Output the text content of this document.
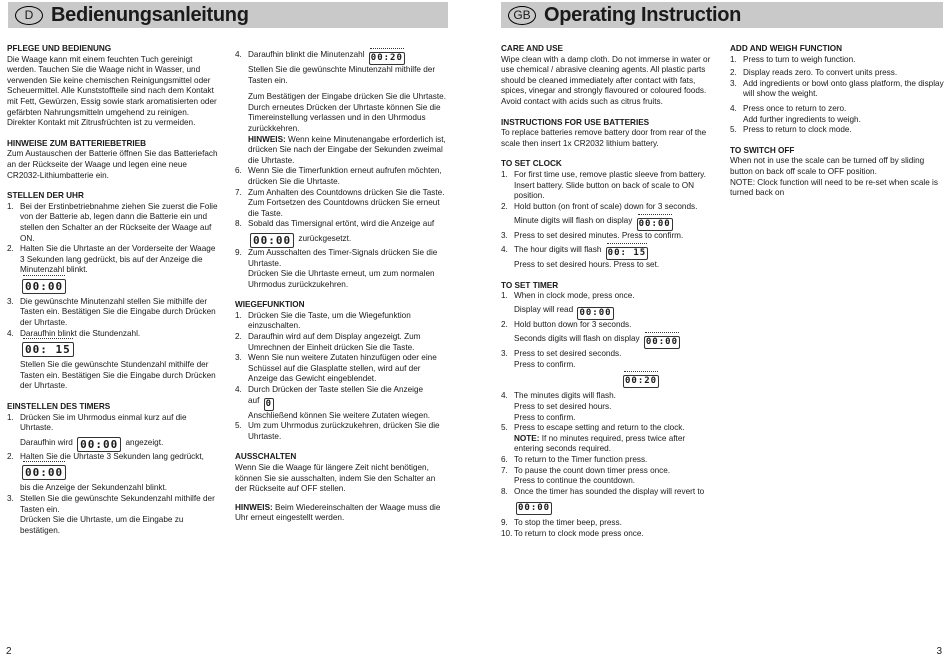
D Bedienungsanleitung	GB Operating Instruction

PFLEGE UND BEDIENUNG

Die Waage kann mit einem feuchten Tuch gereinigt werden. Tauchen Sie die Waage nicht in Wasser, und verwenden Sie keine chemischen Reinigungsmittel oder Scheuermittel. Alle Kunststoffteile sind nach dem Kontakt mit Fett, Gewürzen, Essig sowie stark aromatisierten oder gefärbten Nahrungsmitteln umgehend zu reinigen. Direkter Kontakt mit Zitrusfrüchten ist zu vermeiden.

HINWEISE ZUM BATTERIEBETRIEB

Zum Austauschen der Batterie öffnen Sie das Batteriefach an der Rückseite der Waage und legen eine neue CR2032-Lithiumbatterie ein.

STELLEN DER UHR

1. Bei der Erstinbetriebnahme ziehen Sie zuerst die Folie von der Batterie ab, legen dann die Batterie ein und stellen den Schalter an der Rückseite der Waage auf ON.
2. Halten Sie die Uhrtaste an der Vorderseite der Waage 3 Sekunden lang gedrückt, bis auf der Anzeige die Minutenzahl blinkt.
00:00
3. Die gewünschte Minutenzahl stellen Sie mithilfe der Tasten ein. Bestätigen Sie die Eingabe durch Drücken der Uhrtaste.
4. Daraufhin blinkt die Stundenzahl.
00: 15
Stellen Sie die gewünschte Stundenzahl mithilfe der Tasten ein. Bestätigen Sie die Eingabe durch Drücken der Uhrtaste.

EINSTELLEN DES TIMERS

1. Drücken Sie im Uhrmodus einmal kurz auf die Uhrtaste.
Daraufhin wird 00:00 angezeigt.
2. Halten Sie die Uhrtaste 3 Sekunden lang gedrückt,
00:00
bis die Anzeige der Sekundenzahl blinkt.
3. Stellen Sie die gewünschte Sekundenzahl mithilfe der Tasten ein.
Drücken Sie die Uhrtaste, um die Eingabe zu bestätigen.
4. Daraufhin blinkt die Minutenzahl 00:20
Stellen Sie die gewünschte Minutenzahl mithilfe der Tasten ein.
Zum Bestätigen der Eingabe drücken Sie die Uhrtaste.
Durch erneutes Drücken der Uhrtaste können Sie die Timereinstellung verlassen und in den Uhrmodus zurückkehren.
HINWEIS: Wenn keine Minutenangabe erforderlich ist, drücken Sie nach der Eingabe der Sekunden zweimal die Uhrtaste.
6. Wenn Sie die Timerfunktion erneut aufrufen möchten, drücken Sie die Uhrtaste.
7. Zum Anhalten des Countdowns drücken Sie die Taste.
Zum Fortsetzen des Countdowns drücken Sie erneut die Taste.
8. Sobald das Timersignal ertönt, wird die Anzeige auf
00:00 zurückgesetzt.
9. Zum Ausschalten des Timer-Signals drücken Sie die Uhrtaste.
Drücken Sie die Uhrtaste erneut, um zum normalen Uhrmodus zurückzukehren.

WIEGEFUNKTION

1. Drücken Sie die Taste, um die Wiegefunktion einzuschalten.
2. Daraufhin wird auf dem Display angezeigt. Zum Umrechnen der Einheit drücken Sie die Taste.
3. Wenn Sie nun weitere Zutaten hinzufügen oder eine Schüssel auf die Glasplatte stellen, wird auf der Anzeige das Gewicht eingeblendet.
4. Durch Drücken der Taste stellen Sie die Anzeige
auf 0
Anschließend können Sie weitere Zutaten wiegen.
5. Um zum Uhrmodus zurückzukehren, drücken Sie die Uhrtaste.

AUSSCHALTEN

Wenn Sie die Waage für längere Zeit nicht benötigen, können Sie sie ausschalten, indem Sie den Schalter an der Rückseite auf OFF stellen.

HINWEIS: Beim Wiedereinschalten der Waage muss die Uhr erneut eingestellt werden.

CARE AND USE

Wipe clean with a damp cloth. Do not immerse in water or use chemical / abrasive cleaning agents. All plastic parts should be cleaned immediately after contact with fats, spices, vinegar and strongly flavoured or coloured foods. Avoid contact with acids such as citrus fruits.

INSTRUCTIONS FOR USE BATTERIES

To replace batteries remove battery door from rear of the scale then insert 1x CR2032 lithium battery.

TO SET CLOCK

1. For first time use, remove plastic sleeve from battery. Insert battery. Slide button on back of scale to ON position.
2. Hold button (on front of scale) down for 3 seconds.
Minute digits will flash on display 00:00
3. Press to set desired minutes. Press to confirm.
4. The hour digits will flash 00: 15
Press to set desired hours. Press to set.

TO SET TIMER

1. When in clock mode, press once.
Display will read 00:00
2. Hold button down for 3 seconds.
Seconds digits will flash on display 00:00
3. Press to set desired seconds.
Press to confirm.
00:20
4. The minutes digits will flash.
Press to set desired hours.
Press to confirm.
5. Press to escape setting and return to the clock.
NOTE: If no minutes required, press twice after entering seconds required.
6. To return to the Timer function press.
7. To pause the count down timer press once.
Press to continue the countdown.
8. Once the timer has sounded the display will revert to
00:00
9. To stop the timer beep, press.
10. To return to clock mode press once.

ADD AND WEIGH FUNCTION

1. Press to turn to weigh function.
2. Display reads zero. To convert units press.
3. Add ingredients or bowl onto glass platform, the display will show the weight.
4. Press once to return to zero.
Add further ingredients to weigh.
5. Press to return to clock mode.

TO SWITCH OFF

When not in use the scale can be turned off by sliding button on back off scale to OFF position.

NOTE: Clock function will need to be re-set when scale is turned back on

2	3
